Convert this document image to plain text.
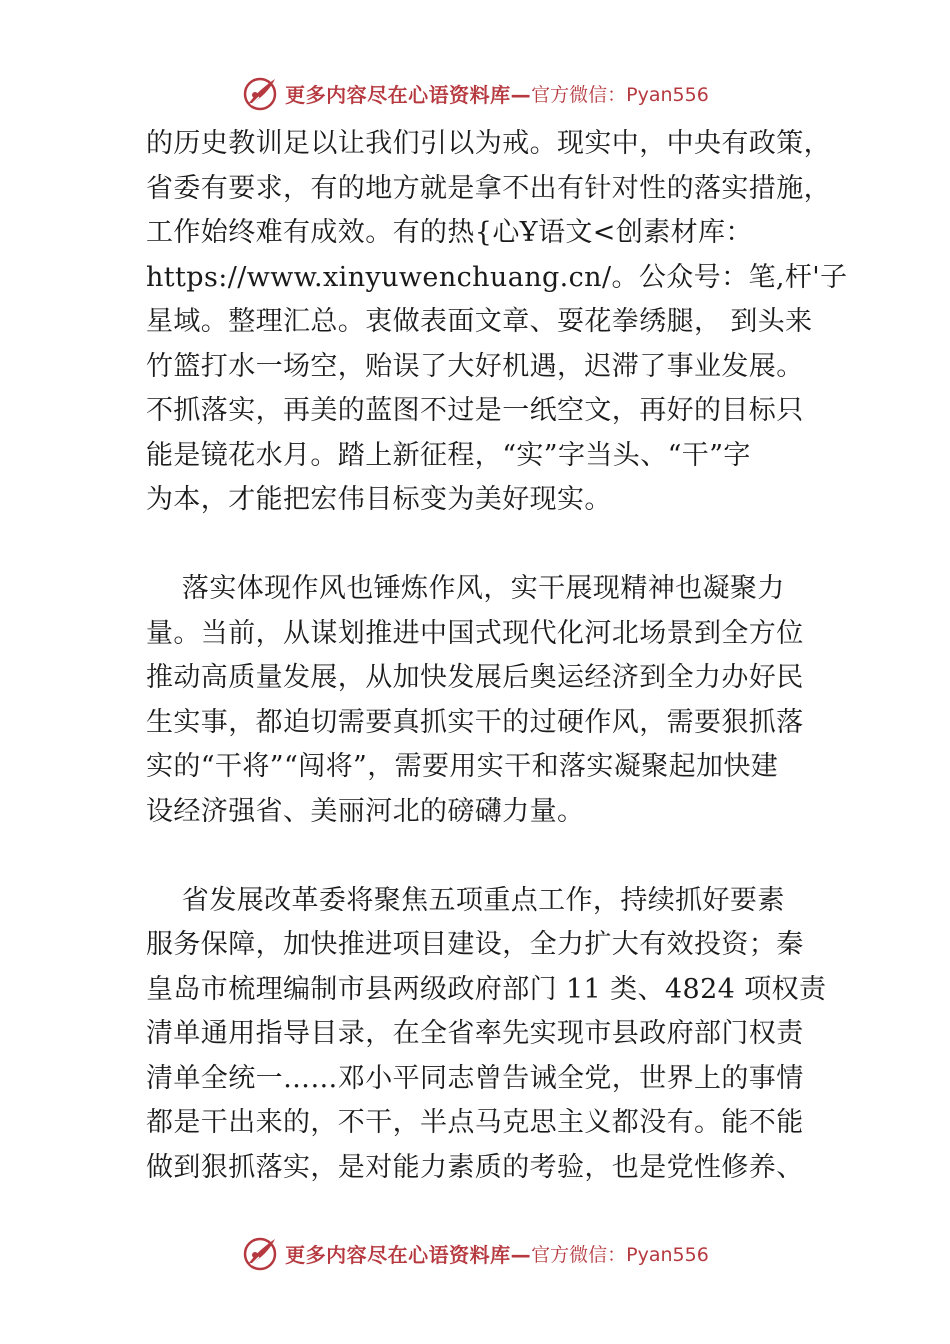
更多内容尽在心语资料库— 官方微信：Pyan556
的历史教训足以让我们引以为戒。现实中，中央有政策，
省委有要求，有的地方就是拿不出有针对性的落实措施，
工作始终难有成效。有的热{心Ұ语文<创素材库：
https://www.xinyuwenchuang.cn/。公众号：笔,杆'子
星域。整理汇总。衷做表面文章、耍花拳绣腿， 到头来
竹篮打水一场空，贻误了大好机遇，迟滞了事业发展。
不抓落实，再美的蓝图不过是一纸空文，再好的目标只
能是镜花水月。踏上新征程，“实”字当头、“干”字
为本，才能把宏伟目标变为美好现实。
落实体现作风也锤炼作风，实干展现精神也凝聚力
量。当前，从谋划推进中国式现代化河北场景到全方位
推动高质量发展，从加快发展后奥运经济到全力办好民
生实事，都迫切需要真抓实干的过硬作风，需要狠抓落
实的“干将”“闯将”，需要用实干和落实凝聚起加快建
设经济强省、美丽河北的磅礴力量。
省发展改革委将聚焦五项重点工作，持续抓好要素
服务保障，加快推进项目建设，全力扩大有效投资；秦
皇岛市梳理编制市县两级政府部门 11 类、4824 项权责
清单通用指导目录，在全省率先实现市县政府部门权责
清单全统一……邓小平同志曾告诫全党，世界上的事情
都是干出来的，不干，半点马克思主义都没有。能不能
做到狠抓落实，是对能力素质的考验，也是党性修养、
更多内容尽在心语资料库— 官方微信：Pyan556
